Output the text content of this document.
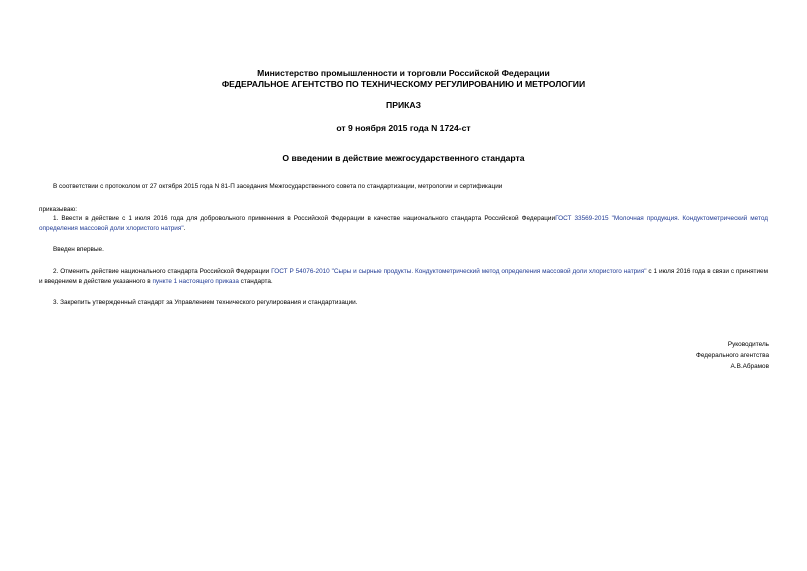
Министерство промышленности и торговли Российской Федерации
ФЕДЕРАЛЬНОЕ АГЕНТСТВО ПО ТЕХНИЧЕСКОМУ РЕГУЛИРОВАНИЮ И МЕТРОЛОГИИ
ПРИКАЗ
от 9 ноября 2015 года N 1724-ст
О введении в действие межгосударственного стандарта
В соответствии с протоколом от 27 октября 2015 года N 81-П заседания Межгосударственного совета по стандартизации, метрологии и сертификации
приказываю:
1. Ввести в действие с 1 июля 2016 года для добровольного применения в Российской Федерации в качестве национального стандарта Российской ФедерацииГОСТ 33569-2015 "Молочная продукция. Кондуктометрический метод определения массовой доли хлористого натрия".
Введен впервые.
2. Отменить действие национального стандарта Российской Федерации ГОСТ Р 54076-2010 "Сыры и сырные продукты. Кондуктометрический метод определения массовой доли хлористого натрия" с 1 июля 2016 года в связи с принятием и введением в действие указанного в пункте 1 настоящего приказа стандарта.
3. Закрепить утвержденный стандарт за Управлением технического регулирования и стандартизации.
Руководитель
Федерального агентства
А.В.Абрамов
